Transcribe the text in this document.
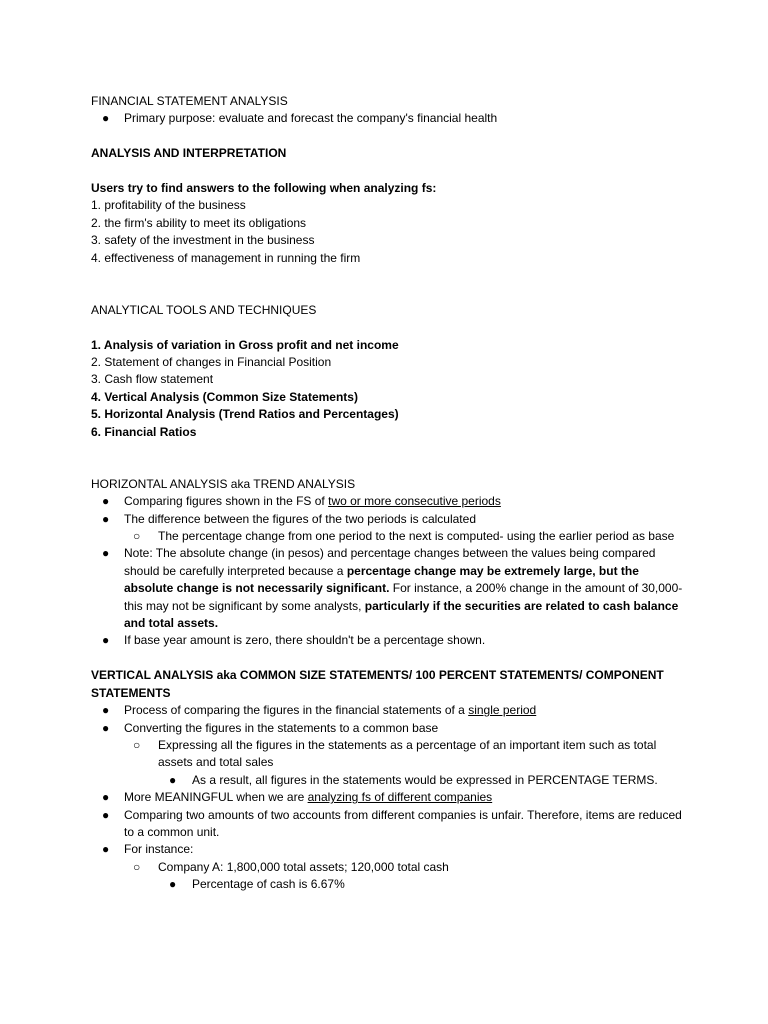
FINANCIAL STATEMENT ANALYSIS

● Primary purpose: evaluate and forecast the company's financial health

ANALYSIS AND INTERPRETATION

Users try to find answers to the following when analyzing fs:

1. profitability of the business

2. the firm's ability to meet its obligations

3. safety of the investment in the business

4. effectiveness of management in running the firm

ANALYTICAL TOOLS AND TECHNIQUES

1. Analysis of variation in Gross profit and net income

2. Statement of changes in Financial Position

3. Cash flow statement

4. Vertical Analysis (Common Size Statements)

5. Horizontal Analysis (Trend Ratios and Percentages)

6. Financial Ratios

HORIZONTAL ANALYSIS aka TREND ANALYSIS

● Comparing figures shown in the FS of two or more consecutive periods
● The difference between the figures of the two periods is calculated
○ The percentage change from one period to the next is computed- using the earlier period as base
● Note: The absolute change (in pesos) and percentage changes between the values being compared should be carefully interpreted because a percentage change may be extremely large, but the absolute change is not necessarily significant. For instance, a 200% change in the amount of 30,000- this may not be significant by some analysts, particularly if the securities are related to cash balance and total assets.
● If base year amount is zero, there shouldn't be a percentage shown.

VERTICAL ANALYSIS aka COMMON SIZE STATEMENTS/ 100 PERCENT STATEMENTS/ COMPONENT STATEMENTS

● Process of comparing the figures in the financial statements of a single period
● Converting the figures in the statements to a common base
○ Expressing all the figures in the statements as a percentage of an important item such as total assets and total sales
● As a result, all figures in the statements would be expressed in PERCENTAGE TERMS.
● More MEANINGFUL when we are analyzing fs of different companies
● Comparing two amounts of two accounts from different companies is unfair. Therefore, items are reduced to a common unit.
● For instance:
○ Company A: 1,800,000 total assets; 120,000 total cash
● Percentage of cash is 6.67%
